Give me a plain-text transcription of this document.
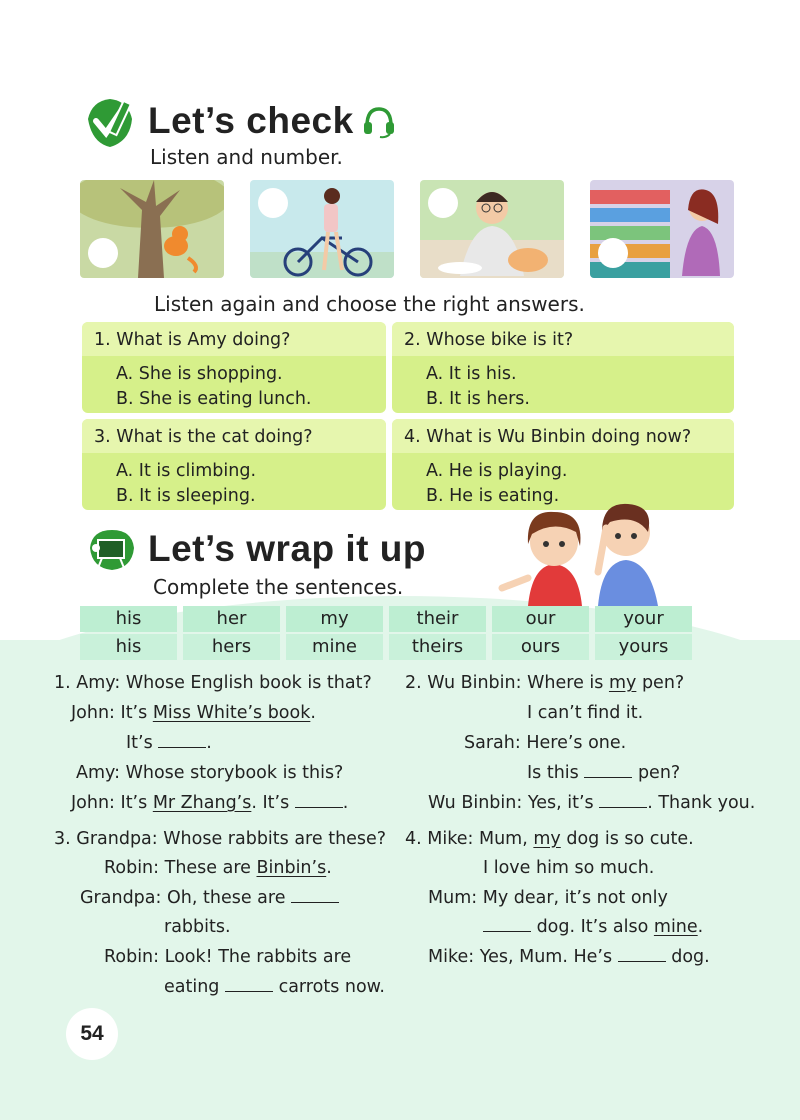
Let’s check
Listen and number.
Listen again and choose the right answers.
1. What is Amy doing?
A. She is shopping.
B. She is eating lunch.
2. Whose bike is it?
A. It is his.
B. It is hers.
3. What is the cat doing?
A. It is climbing.
B. It is sleeping.
4. What is Wu Binbin doing now?
A. He is playing.
B. He is eating.
Let’s wrap it up
Complete the sentences.
his	her	my	their	our	your
his	hers	mine	theirs	ours	yours
1. Amy: Whose English book is that?
John: It’s Miss White’s book.
It’s	.
Amy: Whose storybook is this?
John: It’s Mr Zhang’s. It’s	.
2. Wu Binbin: Where is my pen?
I can’t find it.
Sarah: Here’s one.
Is this	pen?
Wu Binbin: Yes, it’s	. Thank you.
3. Grandpa: Whose rabbits are these?
Robin: These are Binbin’s.
Grandpa: Oh, these are
rabbits.
Robin: Look! The rabbits are
eating	carrots now.
4. Mike: Mum, my dog is so cute.
I love him so much.
Mum: My dear, it’s not only
dog. It’s also mine.
Mike: Yes, Mum. He’s	dog.
54
